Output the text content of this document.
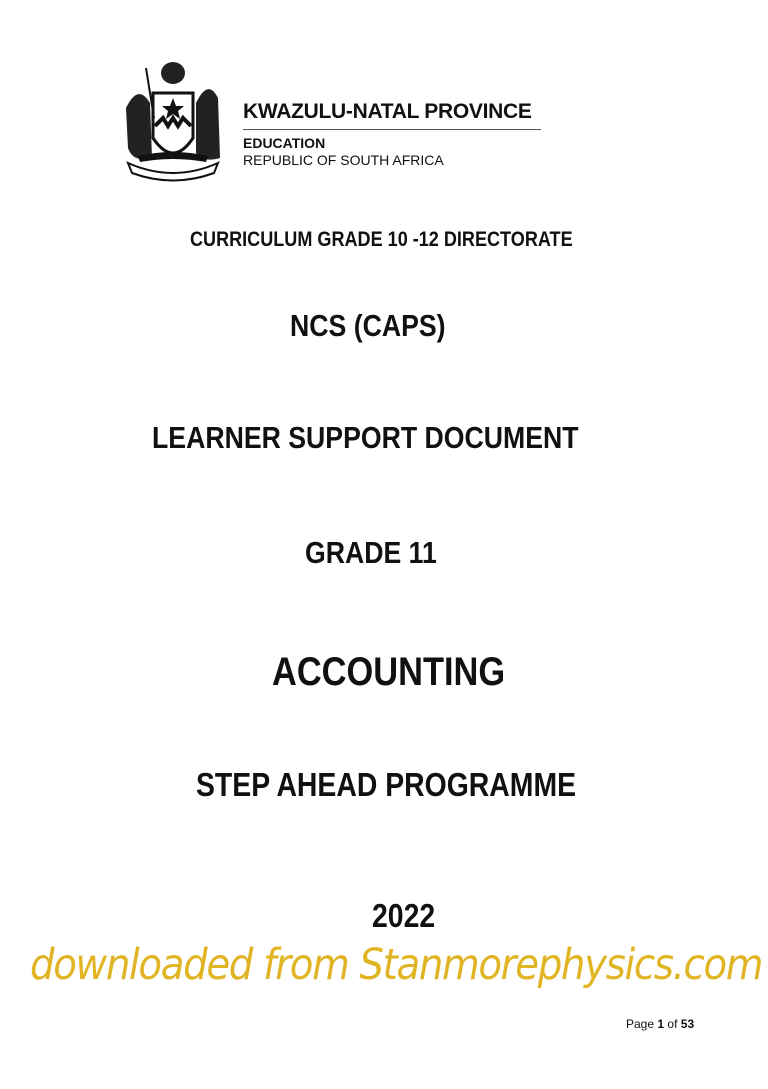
KWAZULU-NATAL PROVINCE
EDUCATION
REPUBLIC OF SOUTH AFRICA
CURRICULUM GRADE 10 -12 DIRECTORATE
NCS (CAPS)
LEARNER SUPPORT DOCUMENT
GRADE 11
ACCOUNTING
STEP AHEAD PROGRAMME
2022
downloaded from Stanmorephysics.com
Page 1 of 53
